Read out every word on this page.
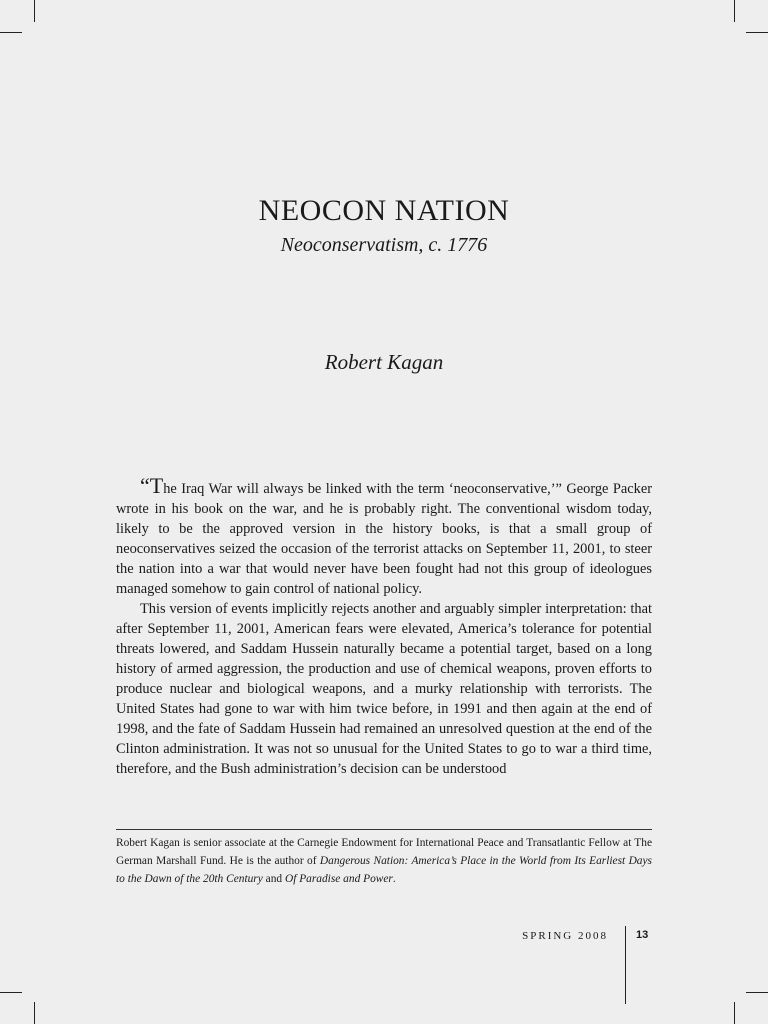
NEOCON NATION
Neoconservatism, c. 1776
Robert Kagan

“The Iraq War will always be linked with the term ‘neoconservative,’” George Packer wrote in his book on the war, and he is probably right. The conventional wisdom today, likely to be the approved version in the history books, is that a small group of neoconservatives seized the occasion of the terrorist attacks on September 11, 2001, to steer the nation into a war that would never have been fought had not this group of ideologues managed somehow to gain control of national policy.

This version of events implicitly rejects another and arguably simpler interpretation: that after September 11, 2001, American fears were elevated, America’s tolerance for potential threats lowered, and Saddam Hussein naturally became a potential target, based on a long history of armed aggression, the production and use of chemical weapons, proven efforts to produce nuclear and biological weapons, and a murky relationship with terrorists. The United States had gone to war with him twice before, in 1991 and then again at the end of 1998, and the fate of Saddam Hussein had remained an unresolved question at the end of the Clinton administration. It was not so unusual for the United States to go to war a third time, therefore, and the Bush administration’s decision can be understood

Robert Kagan is senior associate at the Carnegie Endowment for International Peace and Transatlantic Fellow at The German Marshall Fund. He is the author of Dangerous Nation: America’s Place in the World from Its Earliest Days to the Dawn of the 20th Century and Of Paradise and Power.
SPRING 2008	13
